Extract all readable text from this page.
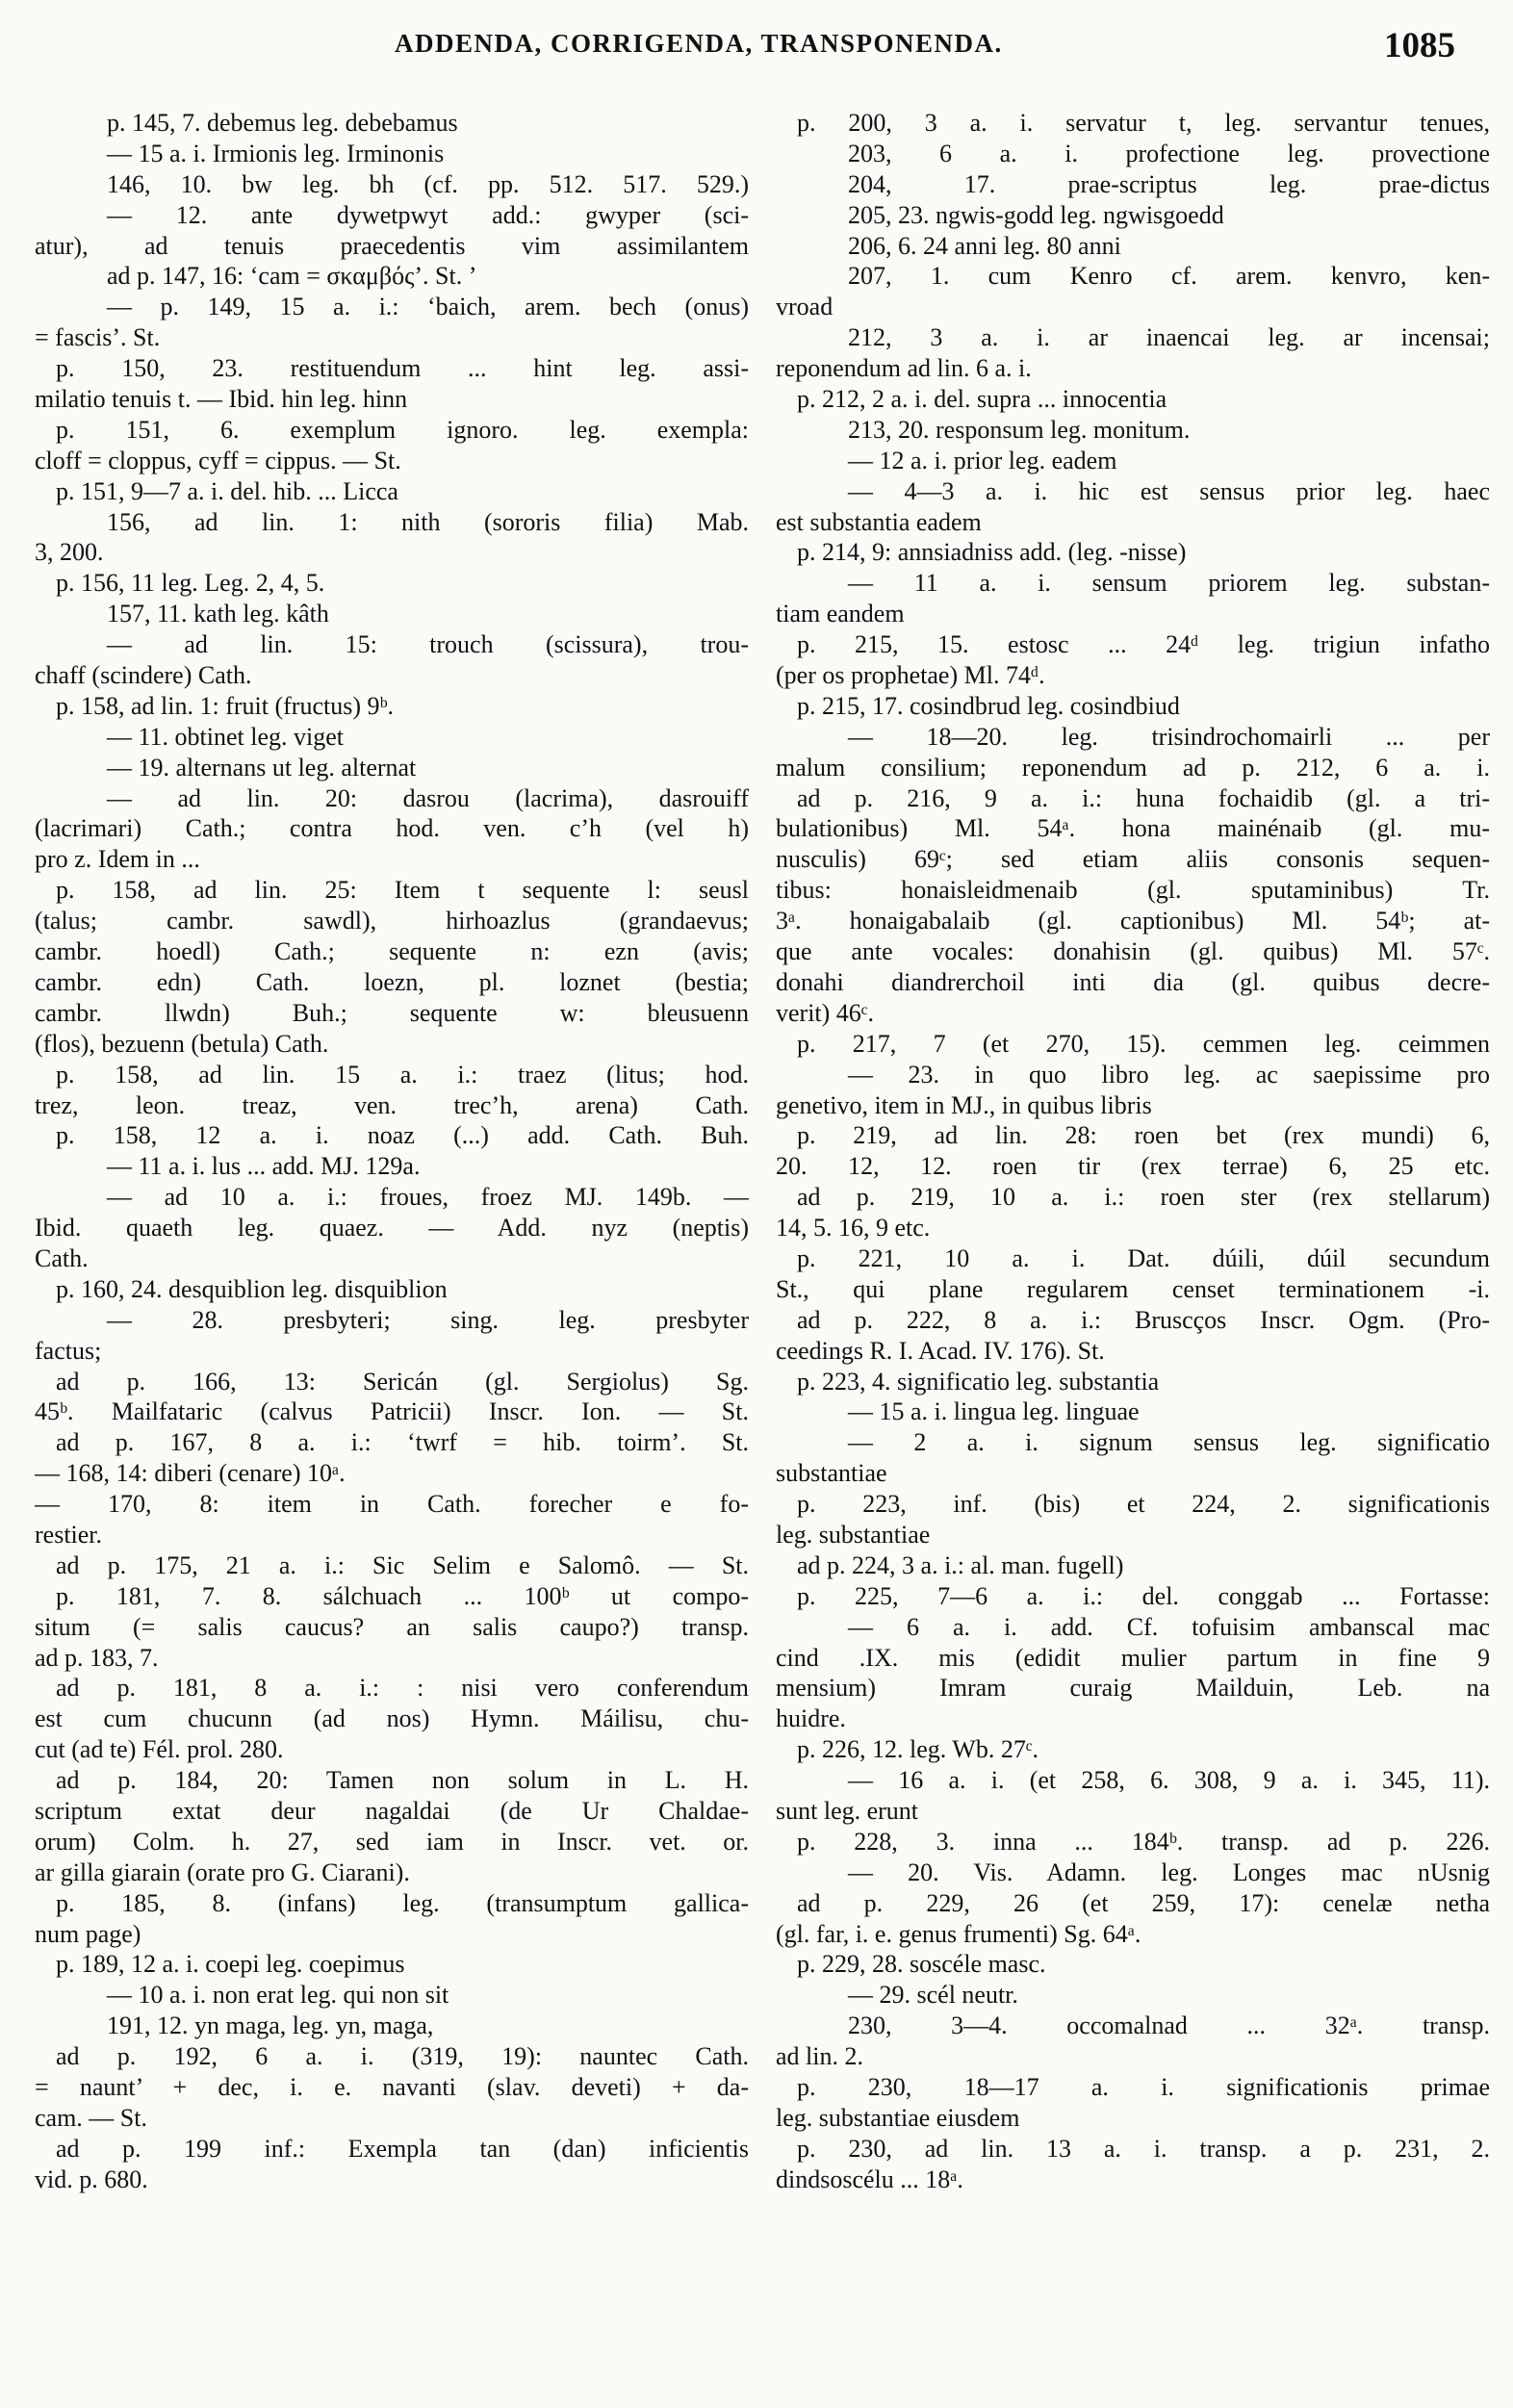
ADDENDA, CORRIGENDA, TRANSPONENDA.	1085
p. 145, 7. debemus leg. debebamus
— 15 a. i. Irmionis leg. Irminonis
146, 10. bw leg. bh (cf. pp. 512. 517. 529.)
— 12. ante dywetpwyt add.: gwyper (sci-
atur), ad tenuis praecedentis vim assimilantem
ad p. 147, 16: ‘cam = σκαμβός’. St. ’
— p. 149, 15 a. i.: ‘baich, arem. bech (onus)
= fascis’. St.
p. 150, 23. restituendum ... hint leg. assi-
milatio tenuis t. — Ibid. hin leg. hinn
p. 151, 6. exemplum ignoro. leg. exempla:
cloff = cloppus, cyff = cippus. — St.
p. 151, 9—7 a. i. del. hib. ... Licca
156, ad lin. 1: nith (sororis filia) Mab.
3, 200.
p. 156, 11 leg. Leg. 2, 4, 5.
157, 11. kath leg. kâth
— ad lin. 15: trouch (scissura), trou-
chaff (scindere) Cath.
p. 158, ad lin. 1: fruit (fructus) 9ᵇ.
— 11. obtinet leg. viget
— 19. alternans ut leg. alternat
— ad lin. 20: dasrou (lacrima), dasrouiff
(lacrimari) Cath.; contra hod. ven. c’h (vel h)
pro z. Idem in ...
p. 158, ad lin. 25: Item t sequente l: seusl
(talus; cambr. sawdl), hirhoazlus (grandaevus;
cambr. hoedl) Cath.; sequente n: ezn (avis;
cambr. edn) Cath. loezn, pl. loznet (bestia;
cambr. llwdn) Buh.; sequente w: bleusuenn
(flos), bezuenn (betula) Cath.
p. 158, ad lin. 15 a. i.: traez (litus; hod.
trez, leon. treaz, ven. trec’h, arena) Cath.
p. 158, 12 a. i. noaz (...) add. Cath. Buh.
— 11 a. i. lus ... add. MJ. 129a.
— ad 10 a. i.: froues, froez MJ. 149b. —
Ibid. quaeth leg. quaez. — Add. nyz (neptis)
Cath.
p. 160, 24. desquiblion leg. disquiblion
— 28. presbyteri; sing. leg. presbyter
factus;
ad p. 166, 13: Sericán (gl. Sergiolus) Sg.
45ᵇ. Mailfataric (calvus Patricii) Inscr. Ion. — St.
ad p. 167, 8 a. i.: ‘twrf = hib. toirm’. St.
— 168, 14: diberi (cenare) 10ᵃ.
— 170, 8: item in Cath. forecher e fo-
restier.
ad p. 175, 21 a. i.: Sic Selim e Salomô. — St.
p. 181, 7. 8. sálchuach ... 100ᵇ ut compo-
situm (= salis caucus? an salis caupo?) transp.
ad p. 183, 7.
ad p. 181, 8 a. i.: : nisi vero conferendum
est cum chucunn (ad nos) Hymn. Máilisu, chu-
cut (ad te) Fél. prol. 280.
ad p. 184, 20: Tamen non solum in L. H.
scriptum extat deur nagaldai (de Ur Chaldae-
orum) Colm. h. 27, sed iam in Inscr. vet. or.
ar gilla giarain (orate pro G. Ciarani).
p. 185, 8. (infans) leg. (transumptum gallica-
num page)
p. 189, 12 a. i. coepi leg. coepimus
— 10 a. i. non erat leg. qui non sit
191, 12. yn maga, leg. yn, maga,
ad p. 192, 6 a. i. (319, 19): nauntec Cath.
= naunt’ + dec, i. e. navanti (slav. deveti) + da-
cam. — St.
ad p. 199 inf.: Exempla tan (dan) inficientis
vid. p. 680.
p. 200, 3 a. i. servatur t, leg. servantur tenues,
203, 6 a. i. profectione leg. provectione
204, 17. prae-scriptus leg. prae-dictus
205, 23. ngwis-godd leg. ngwisgoedd
206, 6. 24 anni leg. 80 anni
207, 1. cum Kenro cf. arem. kenvro, ken-
vroad
212, 3 a. i. ar inaencai leg. ar incensai;
reponendum ad lin. 6 a. i.
p. 212, 2 a. i. del. supra ... innocentia
213, 20. responsum leg. monitum.
— 12 a. i. prior leg. eadem
— 4—3 a. i. hic est sensus prior leg. haec
est substantia eadem
p. 214, 9: annsiadniss add. (leg. -nisse)
— 11 a. i. sensum priorem leg. substan-
tiam eandem
p. 215, 15. estosc ... 24ᵈ leg. trigiun infatho
(per os prophetae) Ml. 74ᵈ.
p. 215, 17. cosindbrud leg. cosindbiud
— 18—20. leg. trisindrochomairli ... per
malum consilium; reponendum ad p. 212, 6 a. i.
ad p. 216, 9 a. i.: huna fochaidib (gl. a tri-
bulationibus) Ml. 54ᵃ. hona mainénaib (gl. mu-
nusculis) 69ᶜ; sed etiam aliis consonis sequen-
tibus: honaisleidmenaib (gl. sputaminibus) Tr.
3ᵃ. honaigabalaib (gl. captionibus) Ml. 54ᵇ; at-
que ante vocales: donahisin (gl. quibus) Ml. 57ᶜ.
donahi diandrerchoil inti dia (gl. quibus decre-
verit) 46ᶜ.
p. 217, 7 (et 270, 15). cemmen leg. ceimmen
— 23. in quo libro leg. ac saepissime pro
genetivo, item in MJ., in quibus libris
p. 219, ad lin. 28: roen bet (rex mundi) 6,
20. 12, 12. roen tir (rex terrae) 6, 25 etc.
ad p. 219, 10 a. i.: roen ster (rex stellarum)
14, 5. 16, 9 etc.
p. 221, 10 a. i. Dat. dúili, dúil secundum
St., qui plane regularem censet terminationem -i.
ad p. 222, 8 a. i.: Bruscços Inscr. Ogm. (Pro-
ceedings R. I. Acad. IV. 176). St.
p. 223, 4. significatio leg. substantia
— 15 a. i. lingua leg. linguae
— 2 a. i. signum sensus leg. significatio
substantiae
p. 223, inf. (bis) et 224, 2. significationis
leg. substantiae
ad p. 224, 3 a. i.: al. man. fugell)
p. 225, 7—6 a. i.: del. conggab ... Fortasse:
— 6 a. i. add. Cf. tofuisim ambanscal mac
cind .IX. mis (edidit mulier partum in fine 9
mensium) Imram curaig Mailduin, Leb. na
huidre.
p. 226, 12. leg. Wb. 27ᶜ.
— 16 a. i. (et 258, 6. 308, 9 a. i. 345, 11).
sunt leg. erunt
p. 228, 3. inna ... 184ᵇ. transp. ad p. 226.
— 20. Vis. Adamn. leg. Longes mac nUsnig
ad p. 229, 26 (et 259, 17): cenelæ netha
(gl. far, i. e. genus frumenti) Sg. 64ᵃ.
p. 229, 28. soscéle masc.
— 29. scél neutr.
230, 3—4. occomalnad ... 32ᵃ. transp.
ad lin. 2.
p. 230, 18—17 a. i. significationis primae
leg. substantiae eiusdem
p. 230, ad lin. 13 a. i. transp. a p. 231, 2.
dindsoscélu ... 18ᵃ.
